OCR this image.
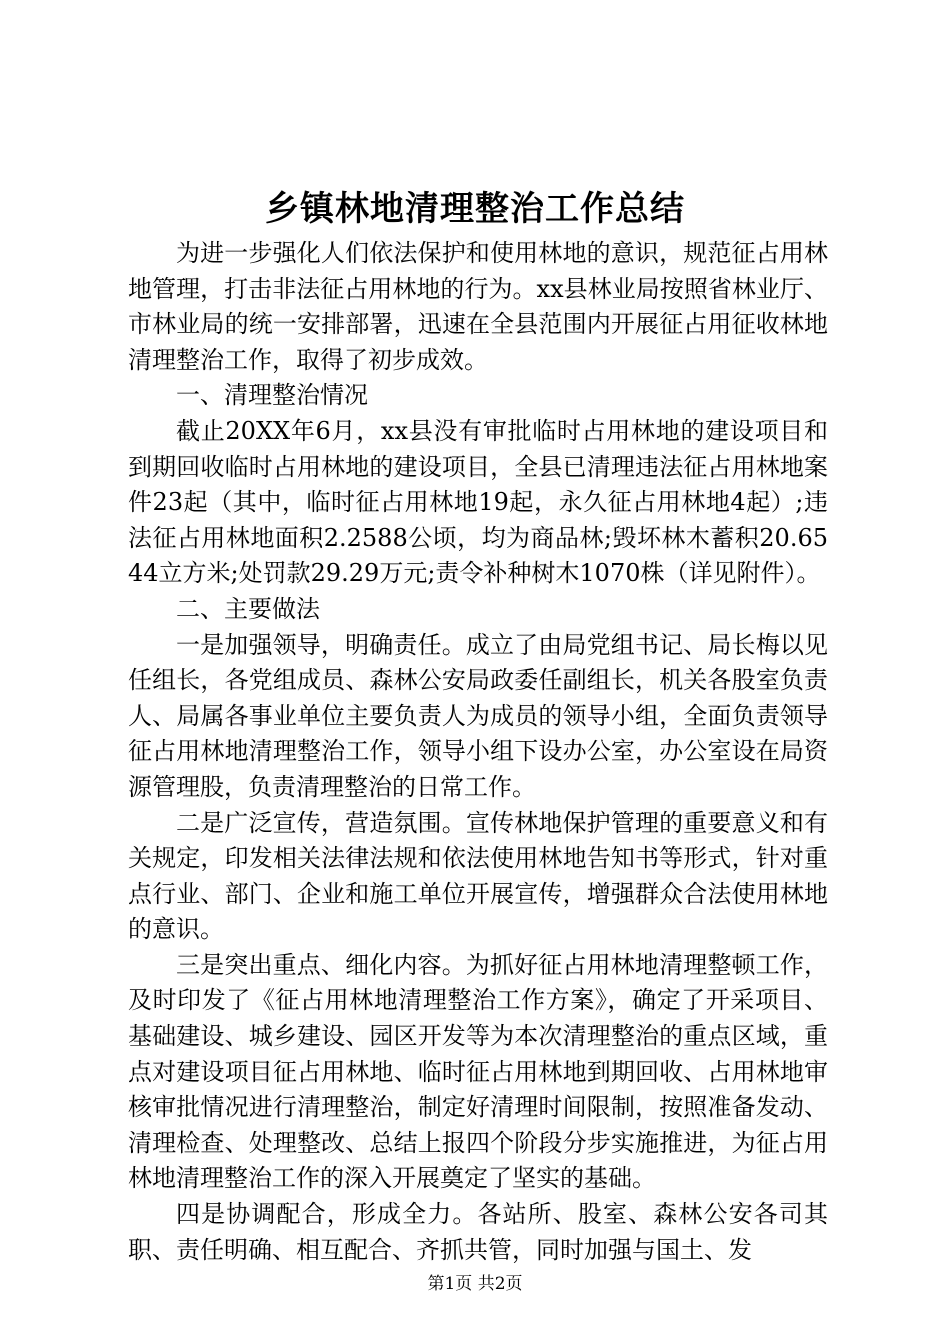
乡镇林地清理整治工作总结

为进一步强化人们依法保护和使用林地的意识，规范征占用林地管理，打击非法征占用林地的行为。xx县林业局按照省林业厅、市林业局的统一安排部署，迅速在全县范围内开展征占用征收林地清理整治工作，取得了初步成效。

一、清理整治情况

截止20XX年6月，xx县没有审批临时占用林地的建设项目和到期回收临时占用林地的建设项目，全县已清理违法征占用林地案件23起（其中，临时征占用林地19起，永久征占用林地4起）;违法征占用林地面积2.2588公顷，均为商品林;毁坏林木蓄积20.6544立方米;处罚款29.29万元;责令补种树木1070株（详见附件）。

二、主要做法

一是加强领导，明确责任。成立了由局党组书记、局长梅以见任组长，各党组成员、森林公安局政委任副组长，机关各股室负责人、局属各事业单位主要负责人为成员的领导小组，全面负责领导征占用林地清理整治工作，领导小组下设办公室，办公室设在局资源管理股，负责清理整治的日常工作。

二是广泛宣传，营造氛围。宣传林地保护管理的重要意义和有关规定，印发相关法律法规和依法使用林地告知书等形式，针对重点行业、部门、企业和施工单位开展宣传，增强群众合法使用林地的意识。

三是突出重点、细化内容。为抓好征占用林地清理整顿工作，及时印发了《征占用林地清理整治工作方案》，确定了开采项目、基础建设、城乡建设、园区开发等为本次清理整治的重点区域，重点对建设项目征占用林地、临时征占用林地到期回收、占用林地审核审批情况进行清理整治，制定好清理时间限制，按照准备发动、清理检查、处理整改、总结上报四个阶段分步实施推进，为征占用林地清理整治工作的深入开展奠定了坚实的基础。

四是协调配合，形成全力。各站所、股室、森林公安各司其职、责任明确、相互配合、齐抓共管，同时加强与国土、发

第1页 共2页
